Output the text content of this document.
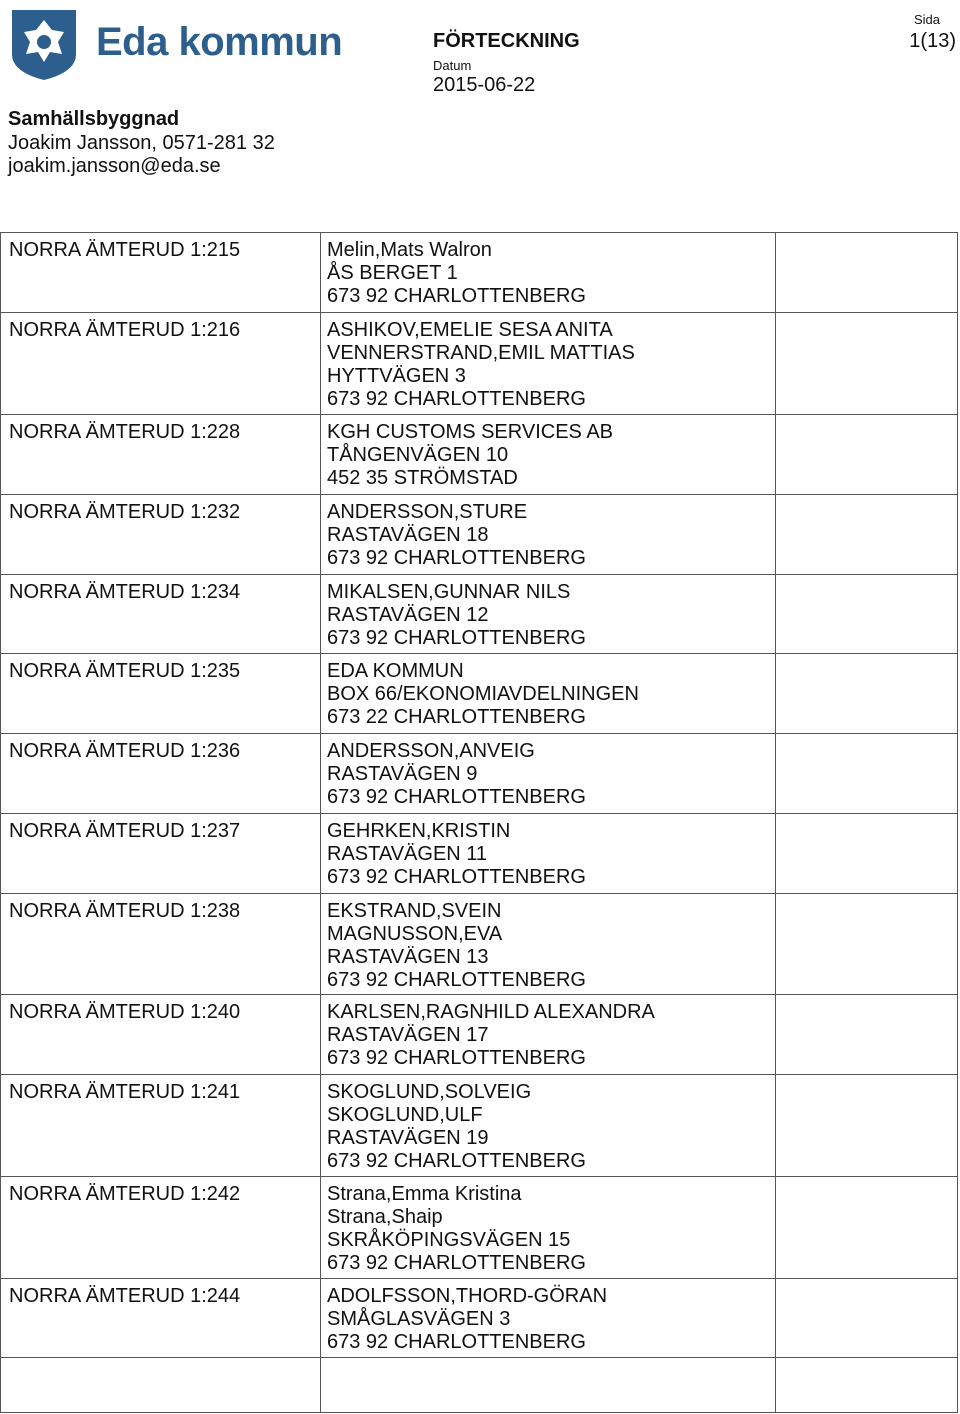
Eda kommun	FÖRTECKNING
Datum
2015-06-22
Sida
1(13)
Samhällsbyggnad
Joakim Jansson, 0571-281 32
joakim.jansson@eda.se
NORRA ÄMTERUD 1:215	Melin,Mats Walron
ÅS BERGET 1
673 92 CHARLOTTENBERG
NORRA ÄMTERUD 1:216	ASHIKOV,EMELIE SESA ANITA
VENNERSTRAND,EMIL MATTIAS
HYTTVÄGEN 3
673 92 CHARLOTTENBERG
NORRA ÄMTERUD 1:228	KGH CUSTOMS SERVICES AB
TÅNGENVÄGEN 10
452 35 STRÖMSTAD
NORRA ÄMTERUD 1:232	ANDERSSON,STURE
RASTAVÄGEN 18
673 92 CHARLOTTENBERG
NORRA ÄMTERUD 1:234	MIKALSEN,GUNNAR NILS
RASTAVÄGEN 12
673 92 CHARLOTTENBERG
NORRA ÄMTERUD 1:235	EDA KOMMUN
BOX 66/EKONOMIAVDELNINGEN
673 22 CHARLOTTENBERG
NORRA ÄMTERUD 1:236	ANDERSSON,ANVEIG
RASTAVÄGEN 9
673 92 CHARLOTTENBERG
NORRA ÄMTERUD 1:237	GEHRKEN,KRISTIN
RASTAVÄGEN 11
673 92 CHARLOTTENBERG
NORRA ÄMTERUD 1:238	EKSTRAND,SVEIN
MAGNUSSON,EVA
RASTAVÄGEN 13
673 92 CHARLOTTENBERG
NORRA ÄMTERUD 1:240	KARLSEN,RAGNHILD ALEXANDRA
RASTAVÄGEN 17
673 92 CHARLOTTENBERG
NORRA ÄMTERUD 1:241	SKOGLUND,SOLVEIG
SKOGLUND,ULF
RASTAVÄGEN 19
673 92 CHARLOTTENBERG
NORRA ÄMTERUD 1:242	Strana,Emma Kristina
Strana,Shaip
SKRÅKÖPINGSVÄGEN 15
673 92 CHARLOTTENBERG
NORRA ÄMTERUD 1:244	ADOLFSSON,THORD-GÖRAN
SMÅGLASVÄGEN 3
673 92 CHARLOTTENBERG
